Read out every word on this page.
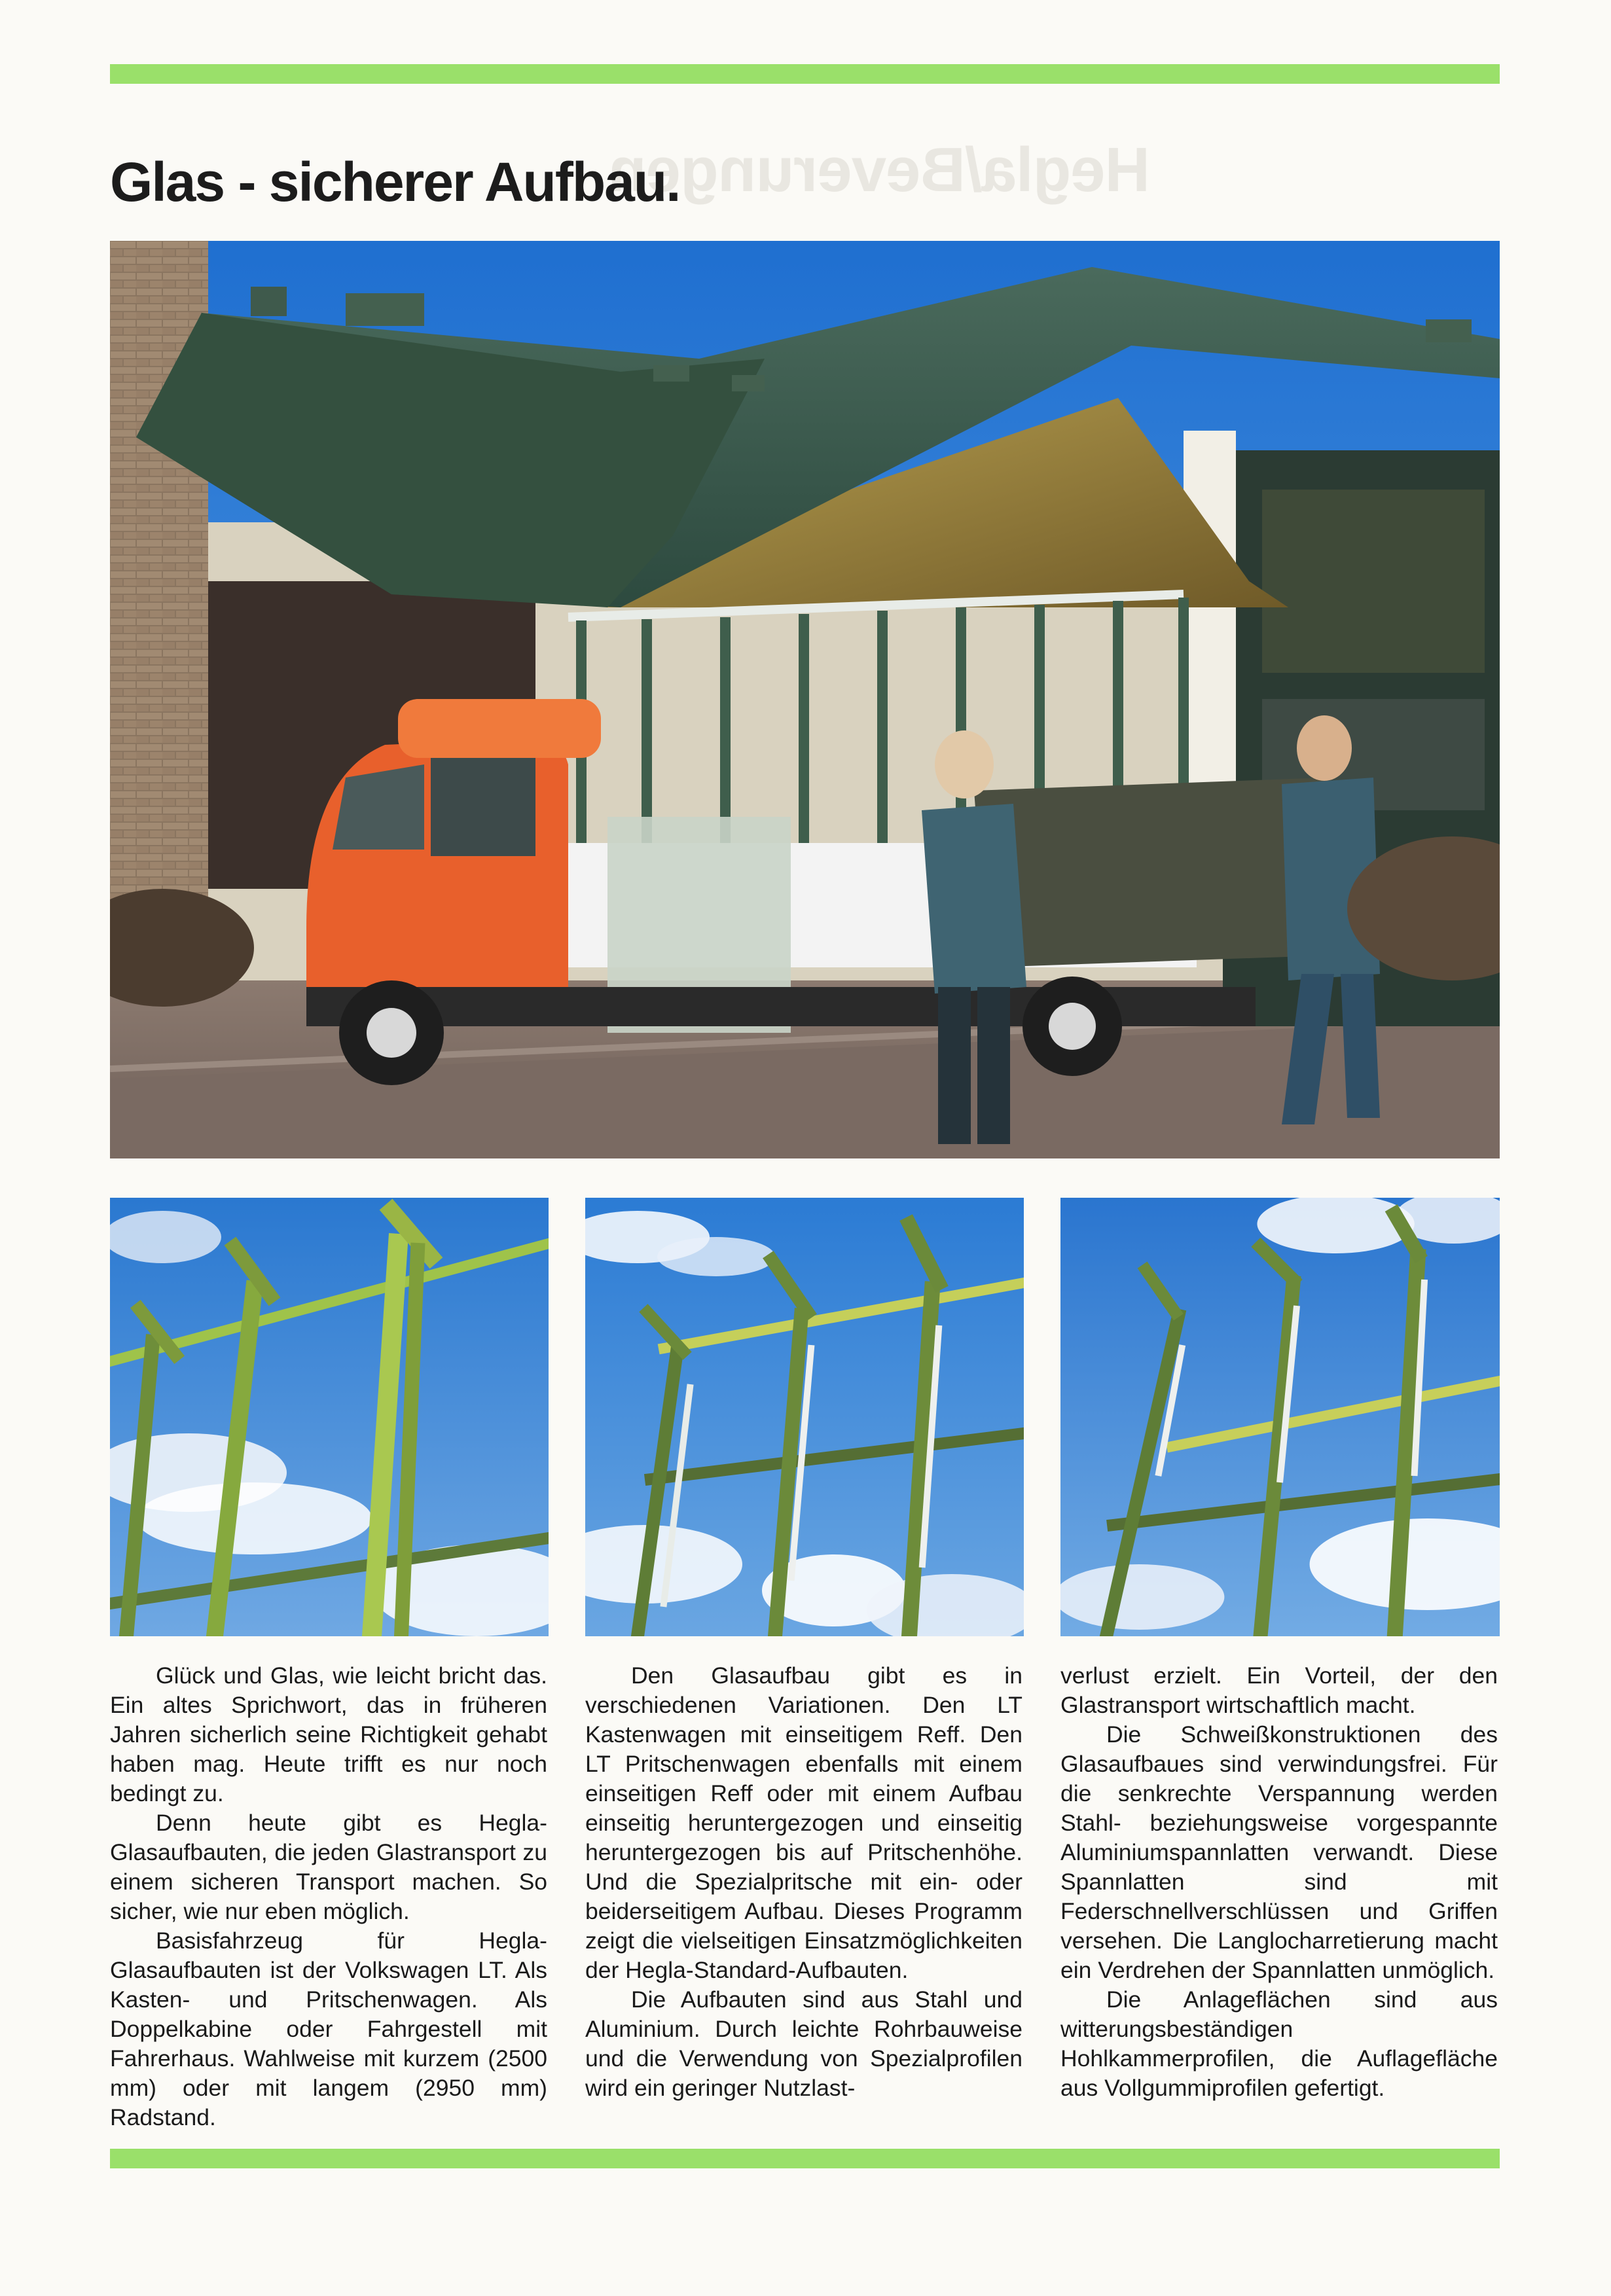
Hegla/Beverungen
Glas - sicherer Aufbau.

Glück und Glas, wie leicht bricht das. Ein altes Sprichwort, das in früheren Jahren sicherlich seine Richtigkeit gehabt haben mag. Heute trifft es nur noch bedingt zu.

Denn heute gibt es Hegla-Glasaufbauten, die jeden Glastransport zu einem sicheren Transport machen. So sicher, wie nur eben möglich.

Basisfahrzeug für Hegla-Glasaufbauten ist der Volkswagen LT. Als Kasten- und Pritschenwagen. Als Doppelkabine oder Fahrgestell mit Fahrerhaus. Wahlweise mit kurzem (2500 mm) oder mit langem (2950 mm) Radstand.

Den Glasaufbau gibt es in verschiedenen Variationen. Den LT Kastenwagen mit einseitigem Reff. Den LT Pritschenwagen ebenfalls mit einem einseitigen Reff oder mit einem Aufbau einseitig heruntergezogen und einseitig heruntergezogen bis auf Pritschenhöhe. Und die Spezialpritsche mit ein- oder beiderseitigem Aufbau. Dieses Programm zeigt die vielseitigen Einsatzmöglichkeiten der Hegla-Standard-Aufbauten.

Die Aufbauten sind aus Stahl und Aluminium. Durch leichte Rohrbauweise und die Verwendung von Spezialprofilen wird ein geringer Nutzlast-

verlust erzielt. Ein Vorteil, der den Glastransport wirtschaftlich macht.

Die Schweißkonstruktionen des Glasaufbaues sind verwindungsfrei. Für die senkrechte Verspannung werden Stahl- beziehungsweise vorgespannte Aluminiumspannlatten verwandt. Diese Spannlatten sind mit Federschnellverschlüssen und Griffen versehen. Die Langlocharretierung macht ein Verdrehen der Spannlatten unmöglich.

Die Anlageflächen sind aus witterungsbeständigen Hohlkammerprofilen, die Auflagefläche aus Vollgummiprofilen gefertigt.
